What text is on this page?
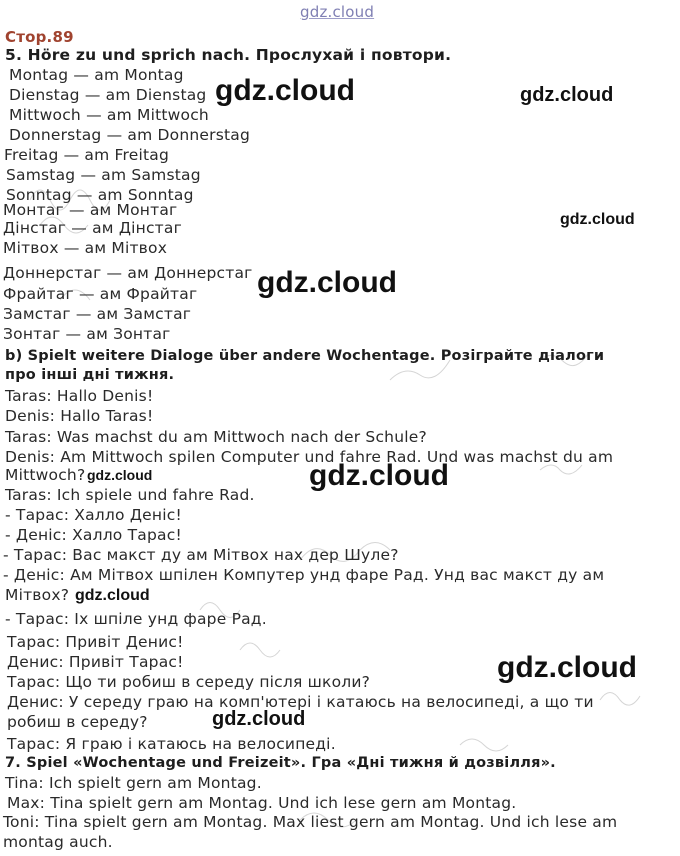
gdz.cloud
Стор.89
5. Höre zu und sprich nach. Прослухай і повтори.
Montag — am Montag
Dienstag — am Dienstag
Mittwoch — am Mittwoch
Donnerstag — am Donnerstag
Freitag — am Freitag
Samstag — am Samstag
Sonntag — am Sonntag
Монтаг — ам Монтаг
Дінстаг — ам Дінстаг
Мітвох — ам Мітвох
Доннерстаг — ам Доннерстаг
Фрайтаг — ам Фрайтаг
Замстаг — ам Замстаг
Зонтаг — ам Зонтаг
b) Spielt weitere Dialoge über andere Wochentage. Розіграйте діалоги
про інші дні тижня.
Taras: Hallo Denis!
Denis: Hallo Taras!
Taras: Was machst du am Mittwoch nach der Schule?
Denis: Am Mittwoch spilen Computer und fahre Rad. Und was machst du am
Mittwoch?
Taras: Ich spiele und fahre Rad.
- Тарас: Халло Деніс!
- Деніс: Халло Тарас!
- Тарас: Вас макст ду ам Мітвох нах дер Шуле?
- Деніс: Ам Мітвох шпілен Компутер унд фаре Рад. Унд вас макст ду ам
Мітвох?
- Тарас: Іх шпіле унд фаре Рад.
Тарас: Привіт Денис!
Денис: Привіт Тарас!
Тарас: Що ти робиш в середу після школи?
Денис: У середу граю на комп'ютері і катаюсь на велосипеді, а що ти
робиш в середу?
Тарас: Я граю і катаюсь на велосипеді.
7. Spiel «Wochentage und Freizeit». Гра «Дні тижня й дозвілля».
Tina: Ich spielt gern am Montag.
Max: Tina spielt gern am Montag. Und ich lese gern am Montag.
Toni: Tina spielt gern am Montag. Max liest gern am Montag. Und ich lese am
montag auch.
gdz.cloud	gdz.cloud
gdz.cloud
gdz.cloud
gdz.cloud
gdz.cloud
gdz.cloud
gdz.cloud
gdz.cloud
